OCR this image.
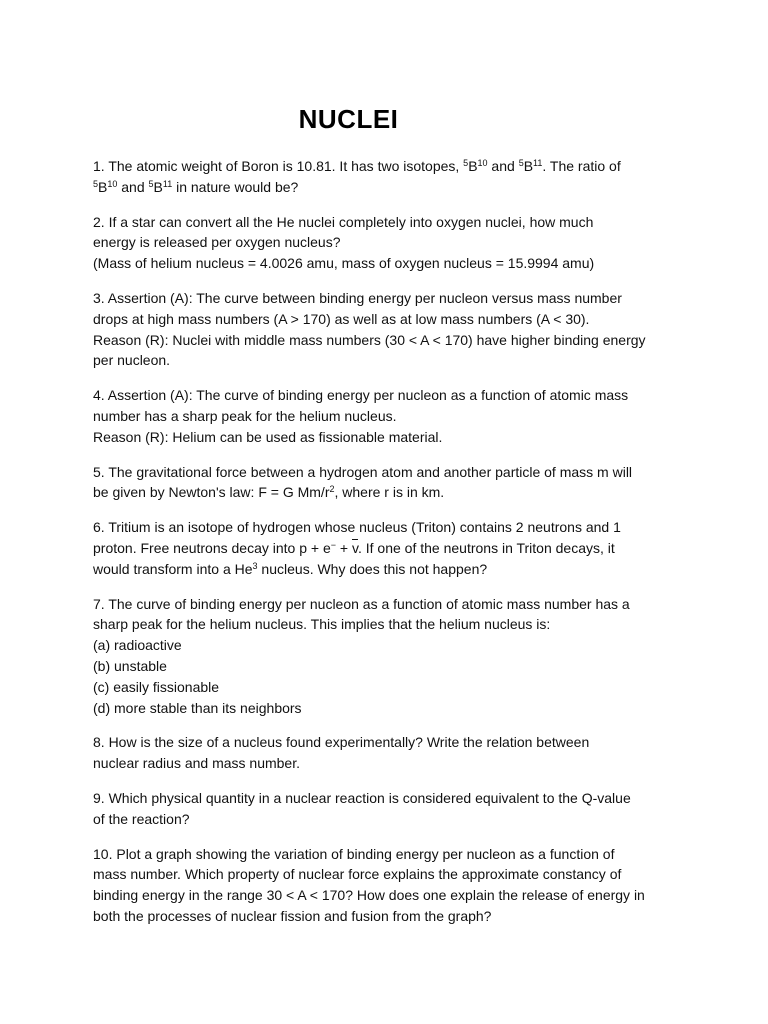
NUCLEI
1. The atomic weight of Boron is 10.81. It has two isotopes, $^5B^{10}$ and $^5B^{11}$. The ratio of
$^5B^{10}$ and $^5B^{11}$ in nature would be?
2. If a star can convert all the He nuclei completely into oxygen nuclei, how much
energy is released per oxygen nucleus?
(Mass of helium nucleus = 4.0026 amu, mass of oxygen nucleus = 15.9994 amu)
3. Assertion (A): The curve between binding energy per nucleon versus mass number
drops at high mass numbers (A > 170) as well as at low mass numbers (A < 30).
Reason (R): Nuclei with middle mass numbers (30 < A < 170) have higher binding energy
per nucleon.
4. Assertion (A): The curve of binding energy per nucleon as a function of atomic mass
number has a sharp peak for the helium nucleus.
Reason (R): Helium can be used as fissionable material.
5. The gravitational force between a hydrogen atom and another particle of mass m will
be given by Newton's law: F = G $Mm/r^2$, where r is in km.
6. Tritium is an isotope of hydrogen whose nucleus (Triton) contains 2 neutrons and 1
proton. Free neutrons decay into $p + e^- + \overline{v}$. If one of the neutrons in Triton decays, it
would transform into a He$^3$ nucleus. Why does this not happen?
7. The curve of binding energy per nucleon as a function of atomic mass number has a
sharp peak for the helium nucleus. This implies that the helium nucleus is:
(a) radioactive
(b) unstable
(c) easily fissionable
(d) more stable than its neighbors
8. How is the size of a nucleus found experimentally? Write the relation between
nuclear radius and mass number.
9. Which physical quantity in a nuclear reaction is considered equivalent to the Q-value
of the reaction?
10. Plot a graph showing the variation of binding energy per nucleon as a function of
mass number. Which property of nuclear force explains the approximate constancy of
binding energy in the range 30 < A < 170? How does one explain the release of energy in
both the processes of nuclear fission and fusion from the graph?
